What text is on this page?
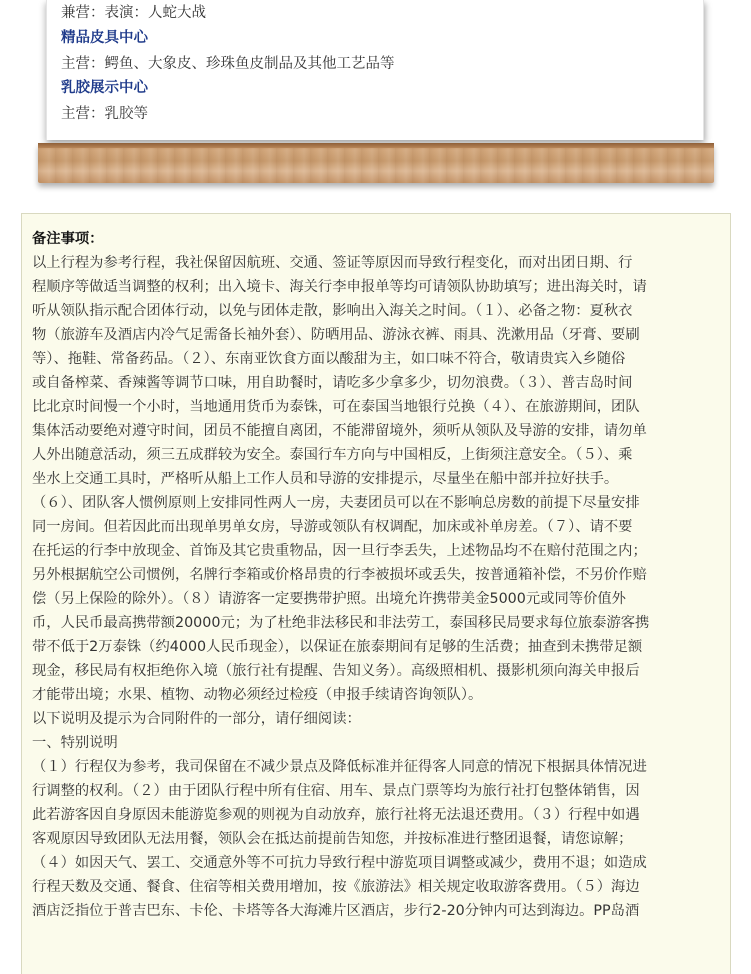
兼营：表演：人蛇大战
精品皮具中心
主营：鳄鱼、大象皮、珍珠鱼皮制品及其他工艺品等
乳胶展示中心
主营：乳胶等
备注事项：
以上行程为参考行程，我社保留因航班、交通、签证等原因而导致行程变化，而对出团日期、行
程顺序等做适当调整的权利；出入境卡、海关行李申报单等均可请领队协助填写；进出海关时，请
听从领队指示配合团体行动，以免与团体走散，影响出入海关之时间。（１）、必备之物：夏秋衣
物（旅游车及酒店内冷气足需备长袖外套）、防晒用品、游泳衣裤、雨具、洗漱用品（牙膏、要刷
等）、拖鞋、常备药品。（２）、东南亚饮食方面以酸甜为主，如口味不符合，敬请贵宾入乡随俗
或自备榨菜、香辣酱等调节口味，用自助餐时，请吃多少拿多少，切勿浪费。（３）、普吉岛时间
比北京时间慢一个小时，当地通用货币为泰铢，可在泰国当地银行兑换（４）、在旅游期间，团队
集体活动要绝对遵守时间，团员不能擅自离团，不能滞留境外，须听从领队及导游的安排，请勿单
人外出随意活动，须三五成群较为安全。泰国行车方向与中国相反，上街须注意安全。（５）、乘
坐水上交通工具时，严格听从船上工作人员和导游的安排提示，尽量坐在船中部并拉好扶手。
（６）、团队客人惯例原则上安排同性两人一房，夫妻团员可以在不影响总房数的前提下尽量安排
同一房间。但若因此而出现单男单女房，导游或领队有权调配，加床或补单房差。（７）、请不要
在托运的行李中放现金、首饰及其它贵重物品，因一旦行李丢失，上述物品均不在赔付范围之内；
另外根据航空公司惯例，名牌行李箱或价格昂贵的行李被损坏或丢失，按普通箱补偿，不另价作赔
偿（另上保险的除外）。（８）请游客一定要携带护照。出境允许携带美金5000元或同等价值外
币，人民币最高携带额20000元；为了杜绝非法移民和非法劳工，泰国移民局要求每位旅泰游客携
带不低于2万泰铢（约4000人民币现金），以保证在旅泰期间有足够的生活费；抽查到未携带足额
现金，移民局有权拒绝你入境（旅行社有提醒、告知义务）。高级照相机、摄影机须向海关申报后
才能带出境；水果、植物、动物必须经过检疫（申报手续请咨询领队）。
以下说明及提示为合同附件的一部分，请仔细阅读：
一、特别说明
（１）行程仅为参考，我司保留在不减少景点及降低标准并征得客人同意的情况下根据具体情况进
行调整的权利。（２）由于团队行程中所有住宿、用车、景点门票等均为旅行社打包整体销售，因
此若游客因自身原因未能游览参观的则视为自动放弃，旅行社将无法退还费用。（３）行程中如遇
客观原因导致团队无法用餐，领队会在抵达前提前告知您，并按标准进行整团退餐，请您谅解；
（４）如因天气、罢工、交通意外等不可抗力导致行程中游览项目调整或减少，费用不退；如造成
行程天数及交通、餐食、住宿等相关费用增加，按《旅游法》相关规定收取游客费用。（５）海边
酒店泛指位于普吉巴东、卡伦、卡塔等各大海滩片区酒店，步行2-20分钟内可达到海边。PP岛酒
